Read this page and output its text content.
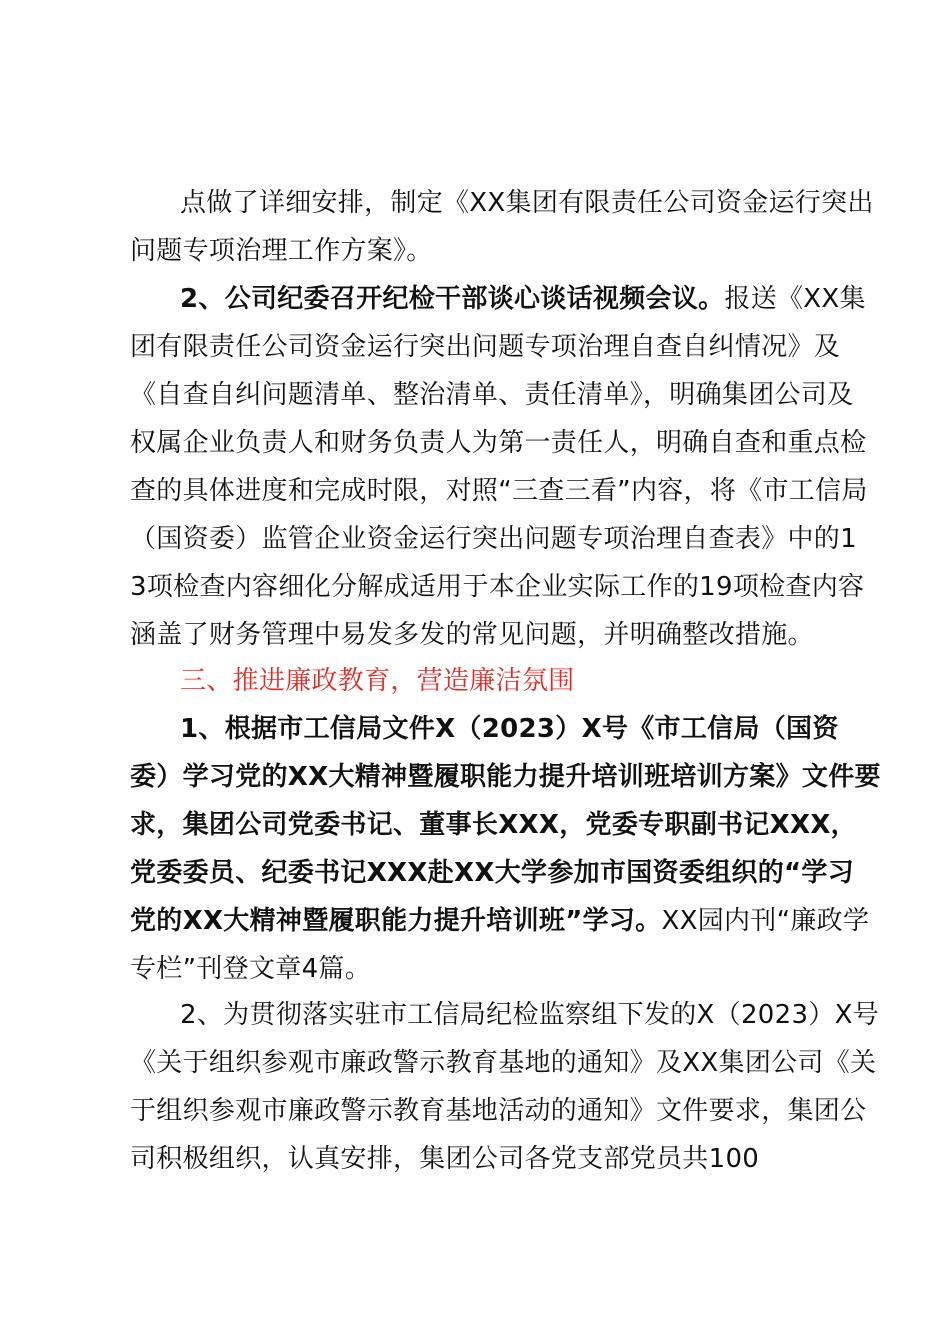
点做了详细安排，制定《XX集团有限责任公司资金运行突出
问题专项治理工作方案》。
2、公司纪委召开纪检干部谈心谈话视频会议。报送《XX集
团有限责任公司资金运行突出问题专项治理自查自纠情况》及
《自查自纠问题清单、整治清单、责任清单》，明确集团公司及
权属企业负责人和财务负责人为第一责任人，明确自查和重点检
查的具体进度和完成时限，对照“三查三看”内容，将《市工信局
（国资委）监管企业资金运行突出问题专项治理自查表》中的1
3项检查内容细化分解成适用于本企业实际工作的19项检查内容
涵盖了财务管理中易发多发的常见问题，并明确整改措施。
三、推进廉政教育，营造廉洁氛围
1、根据市工信局文件X（2023）X号《市工信局（国资
委）学习党的XX大精神暨履职能力提升培训班培训方案》文件要
求，集团公司党委书记、董事长XXX，党委专职副书记XXX，
党委委员、纪委书记XXX赴XX大学参加市国资委组织的“学习
党的XX大精神暨履职能力提升培训班”学习。XX园内刊“廉政学
专栏”刊登文章4篇。
2、为贯彻落实驻市工信局纪检监察组下发的X（2023）X号
《关于组织参观市廉政警示教育基地的通知》及XX集团公司《关
于组织参观市廉政警示教育基地活动的通知》文件要求，集团公
司积极组织，认真安排，集团公司各党支部党员共100
